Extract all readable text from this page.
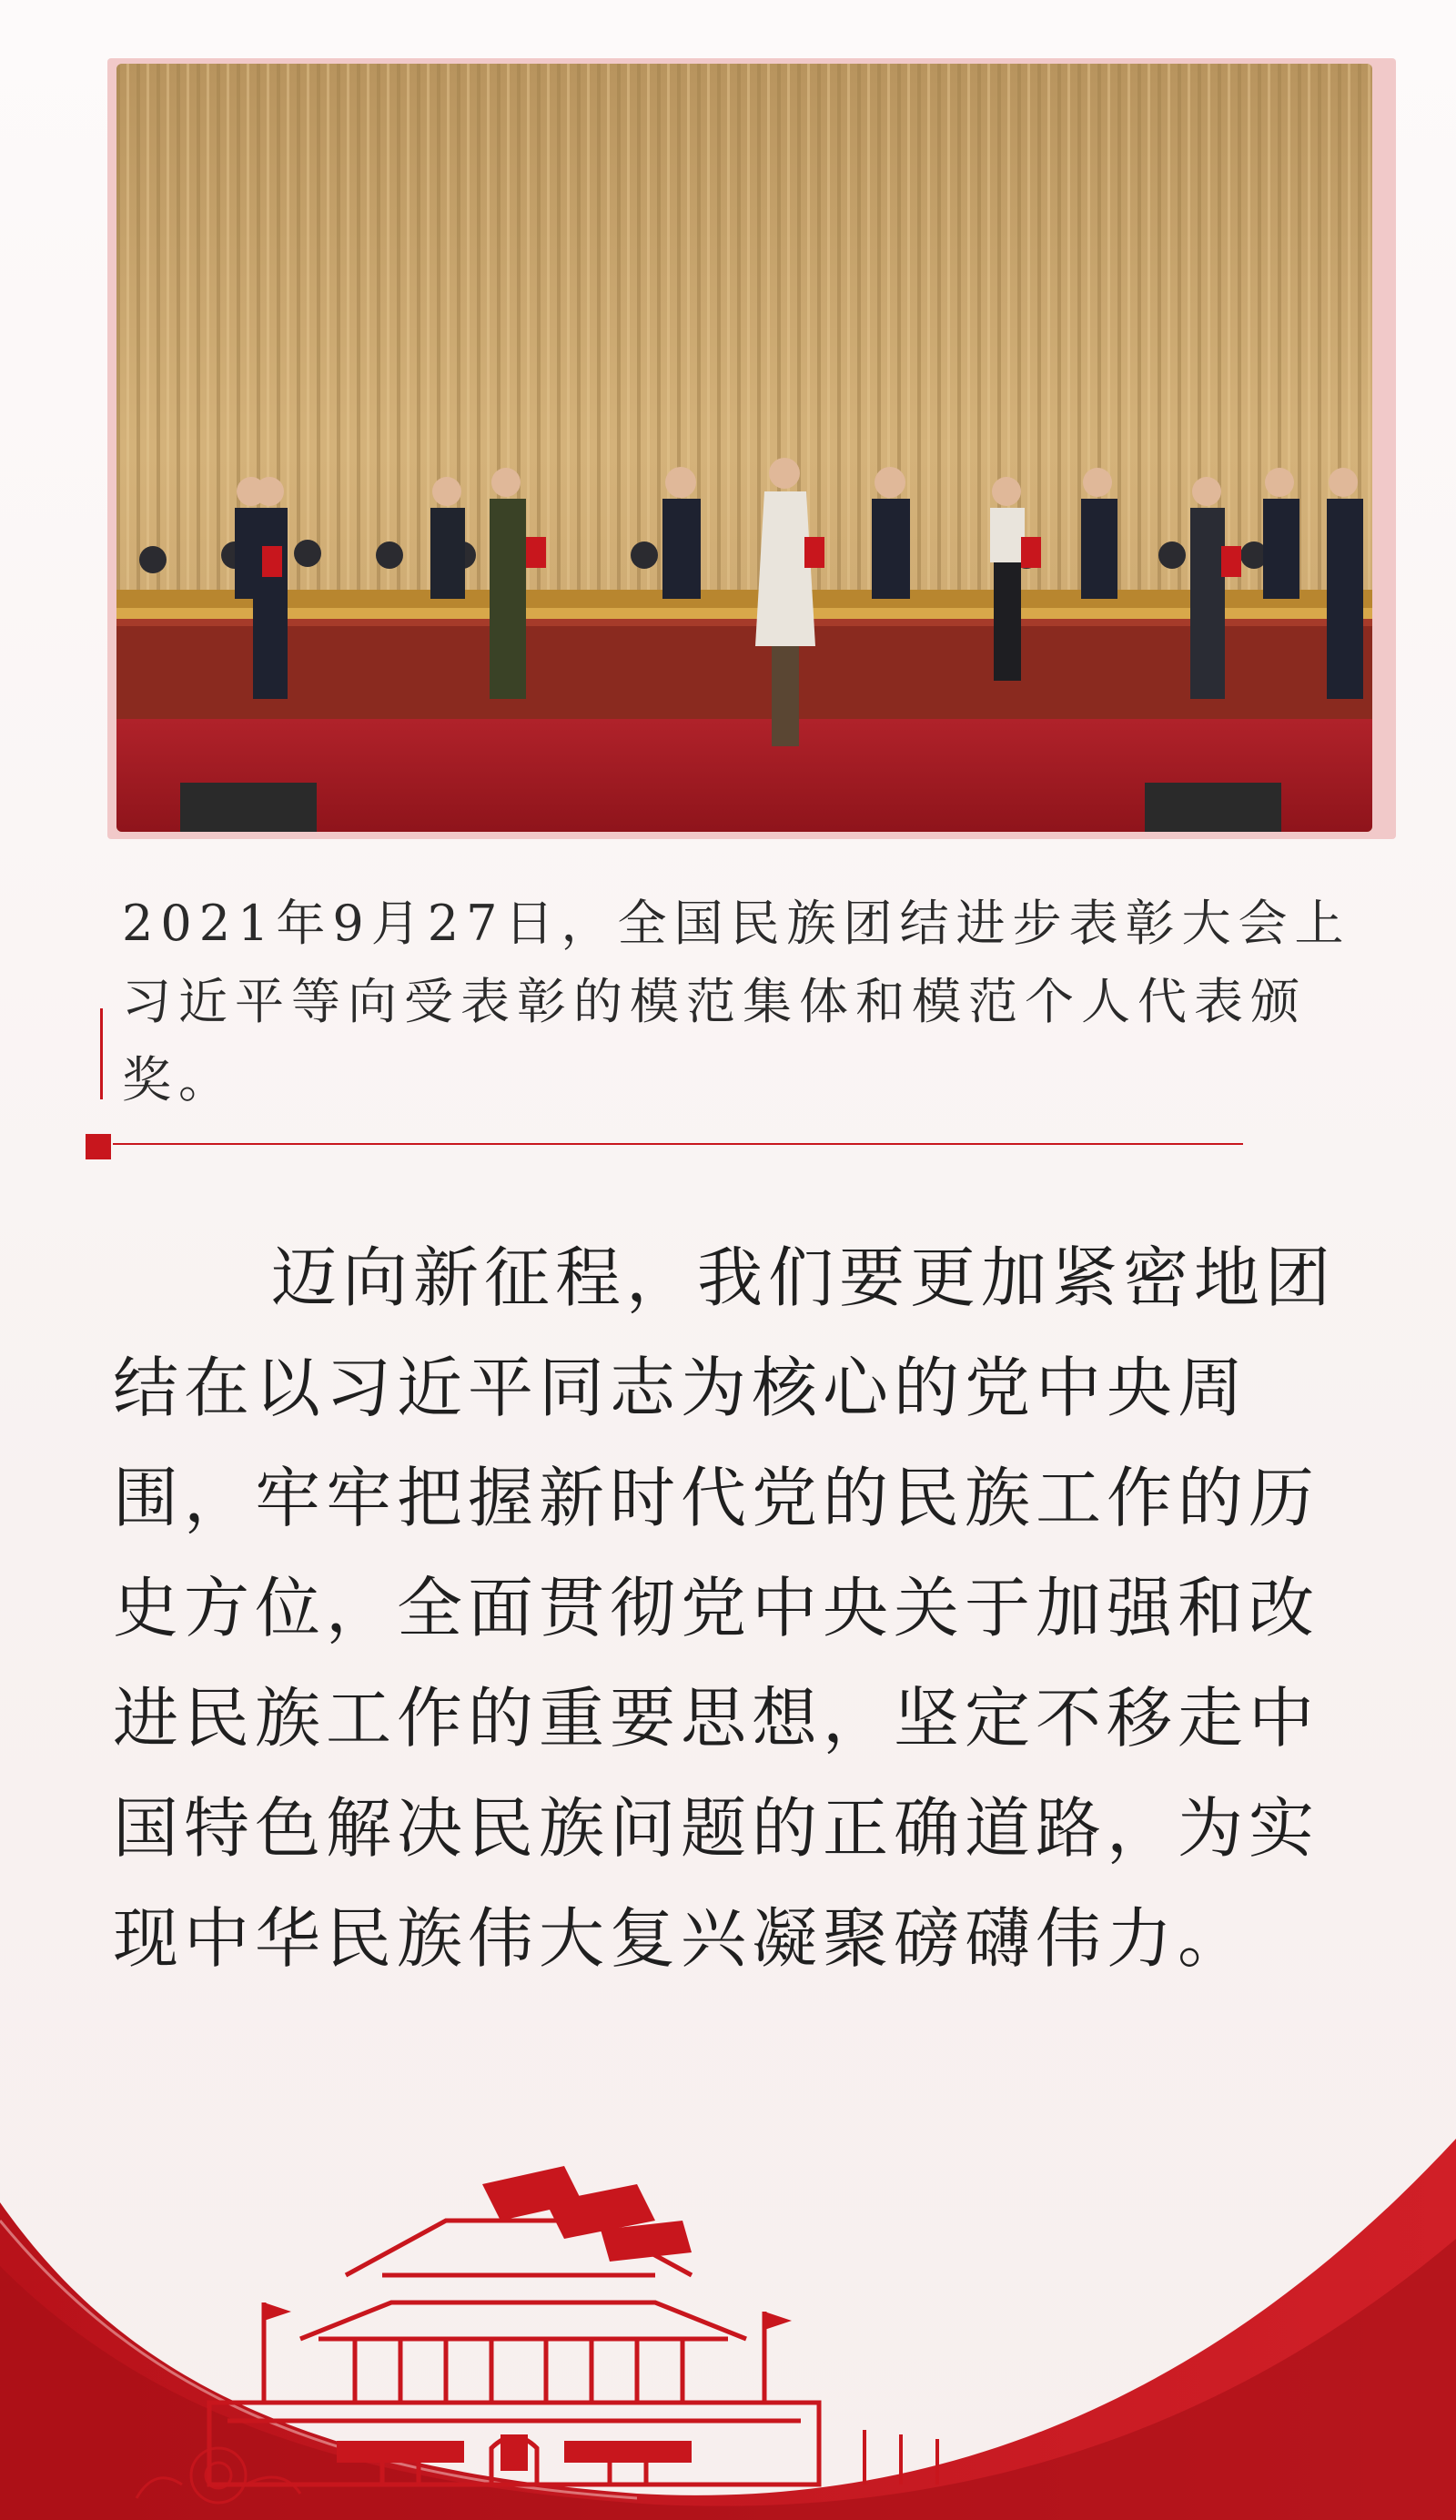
2021年9月27日，全国民族团结进步表彰大会上习近平等向受表彰的模范集体和模范个人代表颁奖。

迈向新征程，我们要更加紧密地团结在以习近平同志为核心的党中央周围，牢牢把握新时代党的民族工作的历史方位，全面贯彻党中央关于加强和改进民族工作的重要思想，坚定不移走中国特色解决民族问题的正确道路，为实现中华民族伟大复兴凝聚磅礴伟力。
